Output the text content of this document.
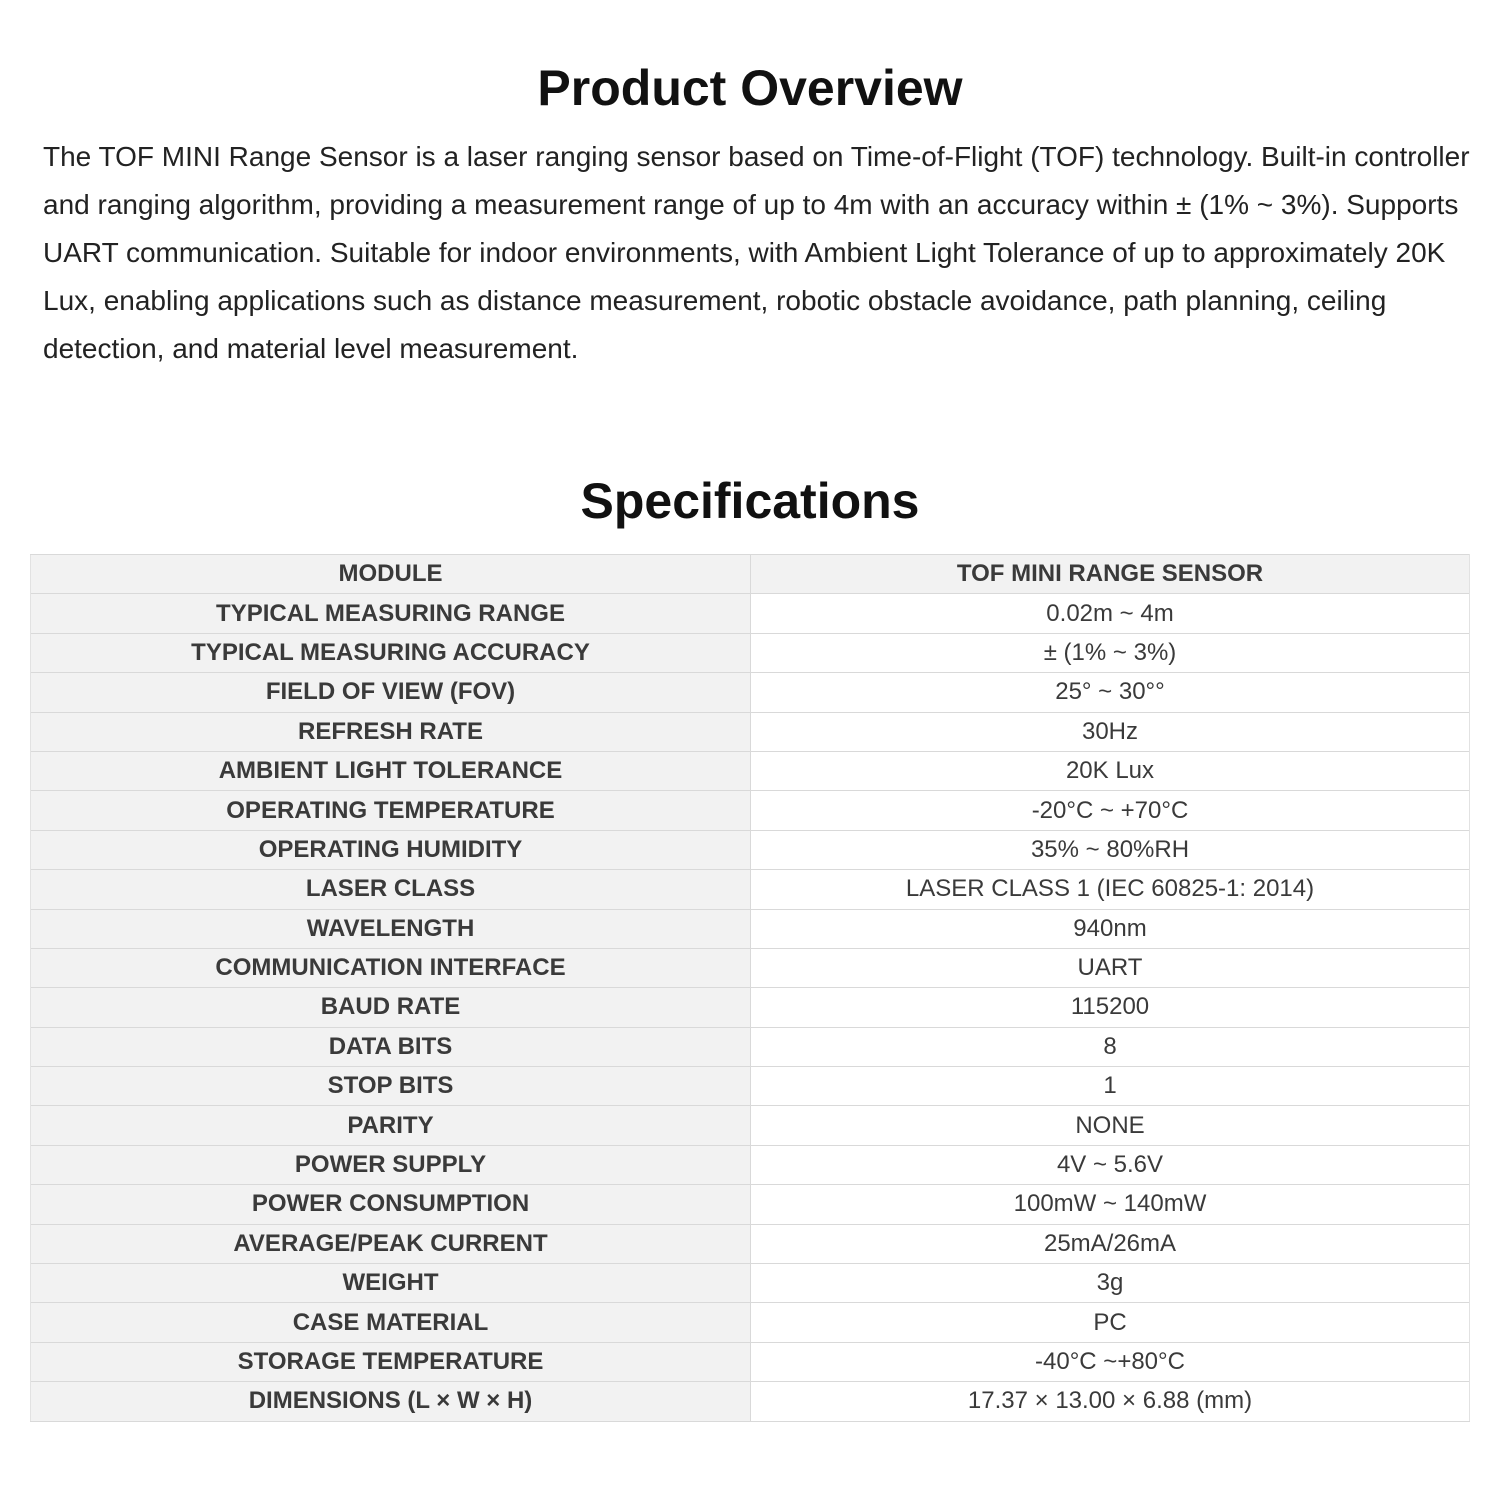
Product Overview

The TOF MINI Range Sensor is a laser ranging sensor based on Time-of-Flight (TOF) technology. Built-in controller and ranging algorithm, providing a measurement range of up to 4m with an accuracy within ± (1% ~ 3%). Supports UART communication. Suitable for indoor environments, with Ambient Light Tolerance of up to approximately 20K Lux, enabling applications such as distance measurement, robotic obstacle avoidance, path planning, ceiling detection, and material level measurement.

Specifications
MODULE	TOF MINI RANGE SENSOR
TYPICAL MEASURING RANGE	0.02m ~ 4m
TYPICAL MEASURING ACCURACY	± (1% ~ 3%)
FIELD OF VIEW (FOV)	25° ~ 30°°
REFRESH RATE	30Hz
AMBIENT LIGHT TOLERANCE	20K Lux
OPERATING TEMPERATURE	-20°C ~ +70°C
OPERATING HUMIDITY	35% ~ 80%RH
LASER CLASS	LASER CLASS 1 (IEC 60825-1: 2014)
WAVELENGTH	940nm
COMMUNICATION INTERFACE	UART
BAUD RATE	115200
DATA BITS	8
STOP BITS	1
PARITY	NONE
POWER SUPPLY	4V ~ 5.6V
POWER CONSUMPTION	100mW ~ 140mW
AVERAGE/PEAK CURRENT	25mA/26mA
WEIGHT	3g
CASE MATERIAL	PC
STORAGE TEMPERATURE	-40°C ~+80°C
DIMENSIONS (L × W × H)	17.37 × 13.00 × 6.88 (mm)
